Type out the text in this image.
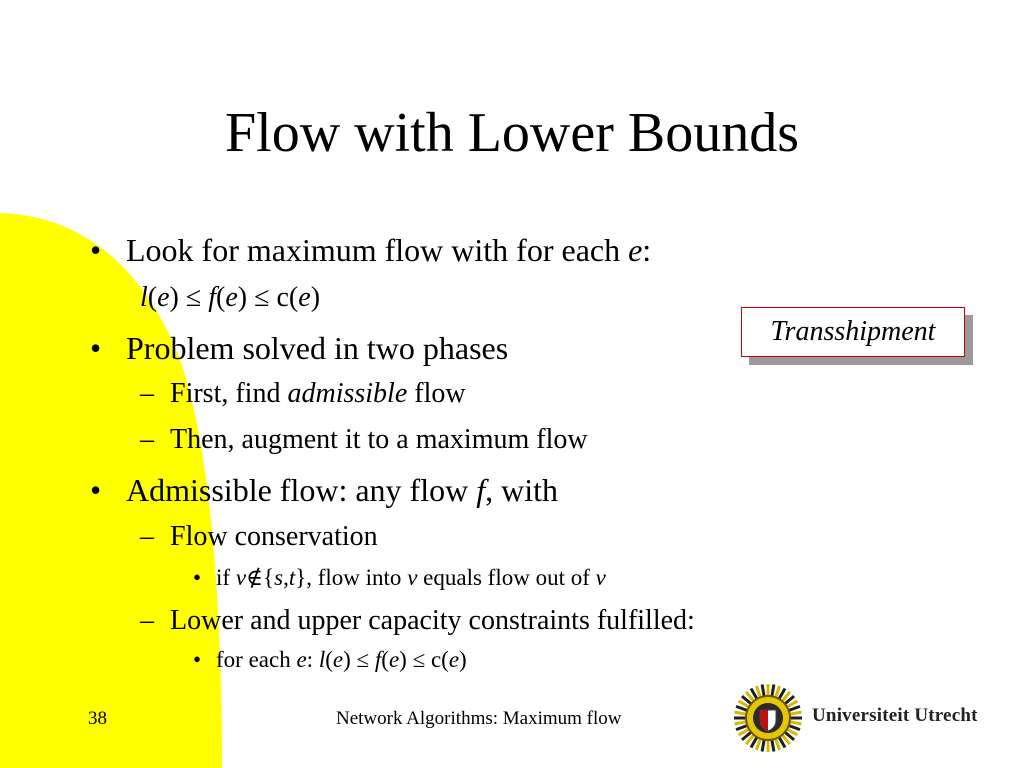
Flow with Lower Bounds
• Look for maximum flow with for each e:
l(e) ≤ f(e) ≤ c(e)
• Problem solved in two phases
– First, find admissible flow
– Then, augment it to a maximum flow
• Admissible flow: any flow f, with
– Flow conservation
• if v∉{s,t}, flow into v equals flow out of v
– Lower and upper capacity constraints fulfilled:
• for each e: l(e) ≤ f(e) ≤ c(e)
Transshipment
38	Network Algorithms: Maximum flow	Universiteit Utrecht
